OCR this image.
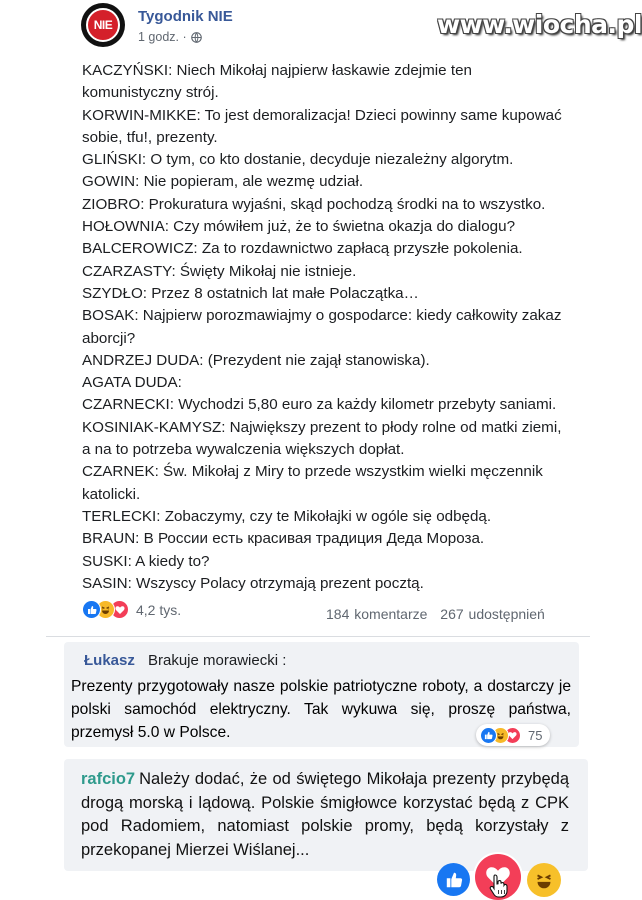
NIE Tygodnik NIE
1 godz. ·
KACZYŃSKI: Niech Mikołaj najpierw łaskawie zdejmie ten
komunistyczny strój.
KORWIN-MIKKE: To jest demoralizacja! Dzieci powinny same kupować
sobie, tfu!, prezenty.
GLIŃSKI: O tym, co kto dostanie, decyduje niezależny algorytm.
GOWIN: Nie popieram, ale wezmę udział.
ZIOBRO: Prokuratura wyjaśni, skąd pochodzą środki na to wszystko.
HOŁOWNIA: Czy mówiłem już, że to świetna okazja do dialogu?
BALCEROWICZ: Za to rozdawnictwo zapłacą przyszłe pokolenia.
CZARZASTY: Święty Mikołaj nie istnieje.
SZYDŁO: Przez 8 ostatnich lat małe Polaczątka…
BOSAK: Najpierw porozmawiajmy o gospodarce: kiedy całkowity zakaz
aborcji?
ANDRZEJ DUDA: (Prezydent nie zajął stanowiska).
AGATA DUDA:
CZARNECKI: Wychodzi 5,80 euro za każdy kilometr przebyty saniami.
KOSINIAK-KAMYSZ: Największy prezent to płody rolne od matki ziemi,
a na to potrzeba wywalczenia większych dopłat.
CZARNEK: Św. Mikołaj z Miry to przede wszystkim wielki męczennik
katolicki.
TERLECKI: Zobaczymy, czy te Mikołajki w ogóle się odbędą.
BRAUN: В России есть красивая традиция Деда Мороза.
SUSKI: A kiedy to?
SASIN: Wszyscy Polacy otrzymają prezent pocztą.
4,2 tys.	184 komentarze 267 udostępnień
www.wiocha.pl
Łukasz Brakuje morawiecki :
Prezenty przygotowały nasze polskie patriotyczne roboty, a dostarczy je polski samochód elektryczny. Tak wykuwa się, proszę państwa, przemysł 5.0 w Polsce.	75
rafcio7 Należy dodać, że od świętego Mikołaja prezenty przybędą drogą morską i lądową. Polskie śmigłowce korzystać będą z CPK pod Radomiem, natomiast polskie promy, będą korzystały z przekopanej Mierzei Wiślanej...
